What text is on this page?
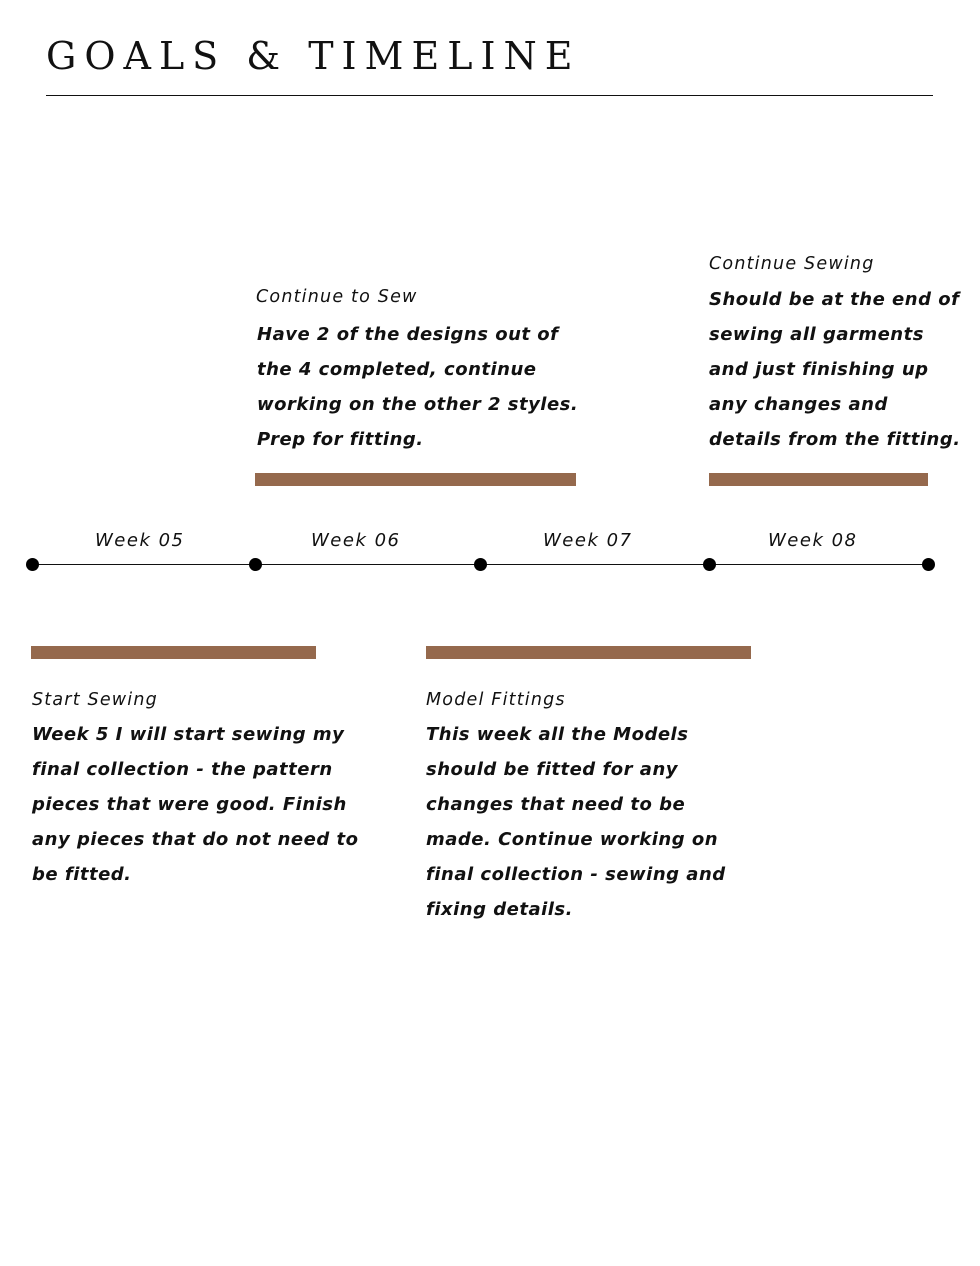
GOALS & TIMELINE
Continue to Sew
Have 2 of the designs out of
the 4 completed, continue
working on the other 2 styles.
Prep for fitting.
Continue Sewing
Should be at the end of
sewing all garments
and just finishing up
any changes and
details from the fitting.
Week 05	Week 06	Week 07	Week 08
Start Sewing
Week 5 I will start sewing my
final collection - the pattern
pieces that were good. Finish
any pieces that do not need to
be fitted.
Model Fittings
This week all the Models
should be fitted for any
changes that need to be
made. Continue working on
final collection - sewing and
fixing details.
